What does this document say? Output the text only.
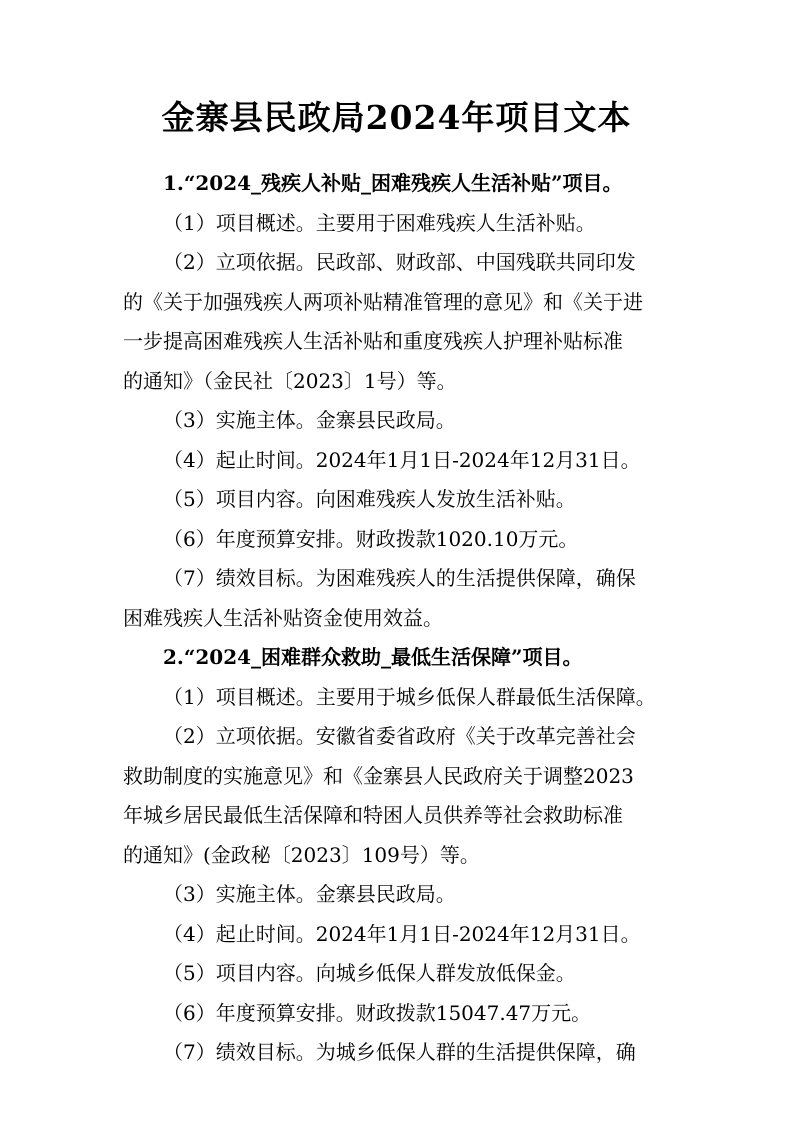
金寨县民政局2024年项目文本
1.“2024_残疾人补贴_困难残疾人生活补贴”项目。
（1）项目概述。主要用于困难残疾人生活补贴。
（2）立项依据。民政部、财政部、中国残联共同印发
的《关于加强残疾人两项补贴精准管理的意见》和《关于进
一步提高困难残疾人生活补贴和重度残疾人护理补贴标准
的通知》（金民社〔2023〕1号）等。
（3）实施主体。金寨县民政局。
（4）起止时间。2024年1月1日-2024年12月31日。
（5）项目内容。向困难残疾人发放生活补贴。
（6）年度预算安排。财政拨款1020.10万元。
（7）绩效目标。为困难残疾人的生活提供保障，确保
困难残疾人生活补贴资金使用效益。
2.“2024_困难群众救助_最低生活保障”项目。
（1）项目概述。主要用于城乡低保人群最低生活保障。
（2）立项依据。安徽省委省政府《关于改革完善社会
救助制度的实施意见》和《金寨县人民政府关于调整2023
年城乡居民最低生活保障和特困人员供养等社会救助标准
的通知》(金政秘〔2023〕109号）等。
（3）实施主体。金寨县民政局。
（4）起止时间。2024年1月1日-2024年12月31日。
（5）项目内容。向城乡低保人群发放低保金。
（6）年度预算安排。财政拨款15047.47万元。
（7）绩效目标。为城乡低保人群的生活提供保障，确
